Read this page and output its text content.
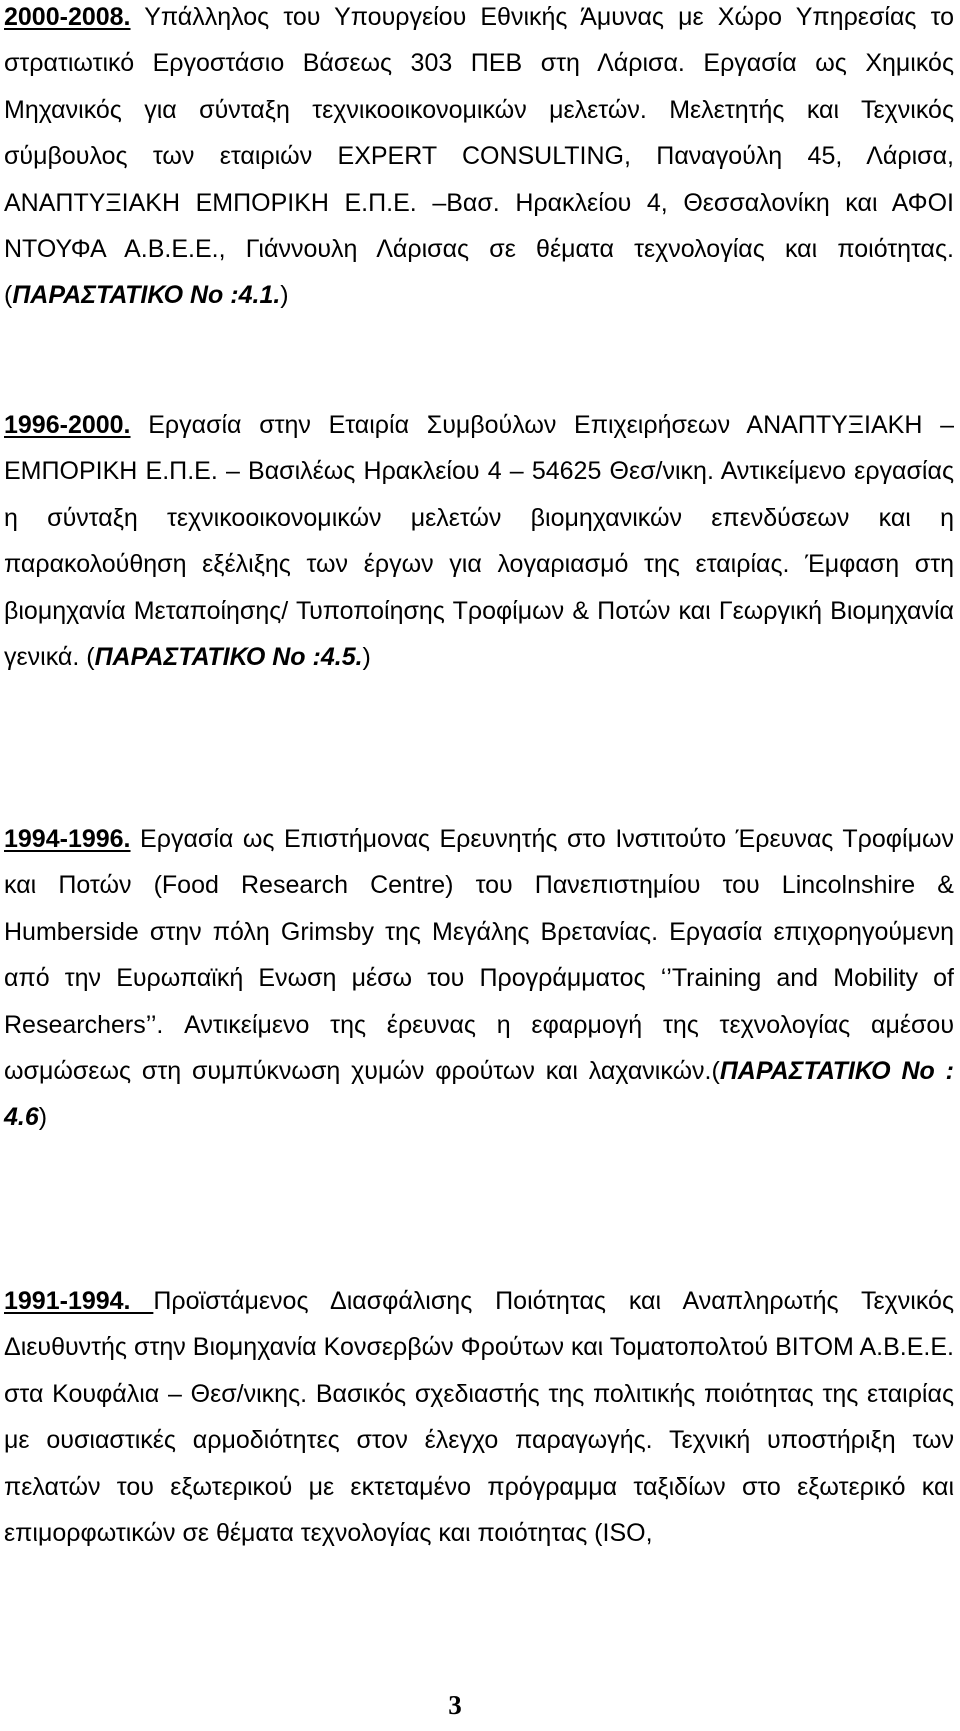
2000-2008. Υπάλληλος του Υπουργείου Εθνικής Άμυνας με Χώρο Υπηρεσίας το στρατιωτικό Εργοστάσιο Βάσεως 303 ΠΕΒ στη Λάρισα. Εργασία ως Χημικός Μηχανικός για σύνταξη τεχνικοοικονομικών μελετών. Μελετητής και Τεχνικός σύμβουλος των εταιριών EXPERT CONSULTING, Παναγούλη 45, Λάρισα, ΑΝΑΠΤΥΞΙΑΚΗ ΕΜΠΟΡΙΚΗ Ε.Π.Ε. –Βασ. Ηρακλείου 4, Θεσσαλονίκη και ΑΦΟΙ ΝΤΟΥΦΑ Α.Β.Ε.Ε., Γιάννουλη Λάρισας σε θέματα τεχνολογίας και ποιότητας. (ΠΑΡΑΣΤΑΤΙΚΟ No :4.1.)

1996-2000. Εργασία στην Εταιρία Συμβούλων Επιχειρήσεων ΑΝΑΠΤΥΞΙΑΚΗ – ΕΜΠΟΡΙΚΗ Ε.Π.Ε. – Βασιλέως Ηρακλείου 4 – 54625 Θεσ/νικη. Αντικείμενο εργασίας η σύνταξη τεχνικοοικονομικών μελετών βιομηχανικών επενδύσεων και η παρακολούθηση εξέλιξης των έργων για λογαριασμό της εταιρίας. Έμφαση στη βιομηχανία Μεταποίησης/ Τυποποίησης Τροφίμων & Ποτών και Γεωργική Βιομηχανία γενικά. (ΠΑΡΑΣΤΑΤΙΚΟ No :4.5.)

1994-1996. Εργασία ως Επιστήμονας Ερευνητής στο Ινστιτούτο Έρευνας Τροφίμων και Ποτών (Food Research Centre) του Πανεπιστημίου του Lincolnshire & Humberside στην πόλη Grimsby της Μεγάλης Βρετανίας. Εργασία επιχορηγούμενη από την Ευρωπαϊκή Ενωση μέσω του Προγράμματος ‘’Training and Mobility of Researchers’’. Αντικείμενο της έρευνας η εφαρμογή της τεχνολογίας αμέσου ωσμώσεως στη συμπύκνωση χυμών φρούτων και λαχανικών.(ΠΑΡΑΣΤΑΤΙΚΟ No : 4.6)

1991-1994. Προϊστάμενος Διασφάλισης Ποιότητας και Αναπληρωτής Τεχνικός Διευθυντής στην Βιομηχανία Κονσερβών Φρούτων και Τοματοπολτού ΒΙΤΟΜ Α.Β.Ε.Ε. στα Κουφάλια – Θεσ/νικης. Βασικός σχεδιαστής της πολιτικής ποιότητας της εταιρίας με ουσιαστικές αρμοδιότητες στον έλεγχο παραγωγής. Τεχνική υποστήριξη των πελατών του εξωτερικού με εκτεταμένο πρόγραμμα ταξιδίων στο εξωτερικό και επιμορφωτικών σε θέματα τεχνολογίας και ποιότητας (ISO,

3
